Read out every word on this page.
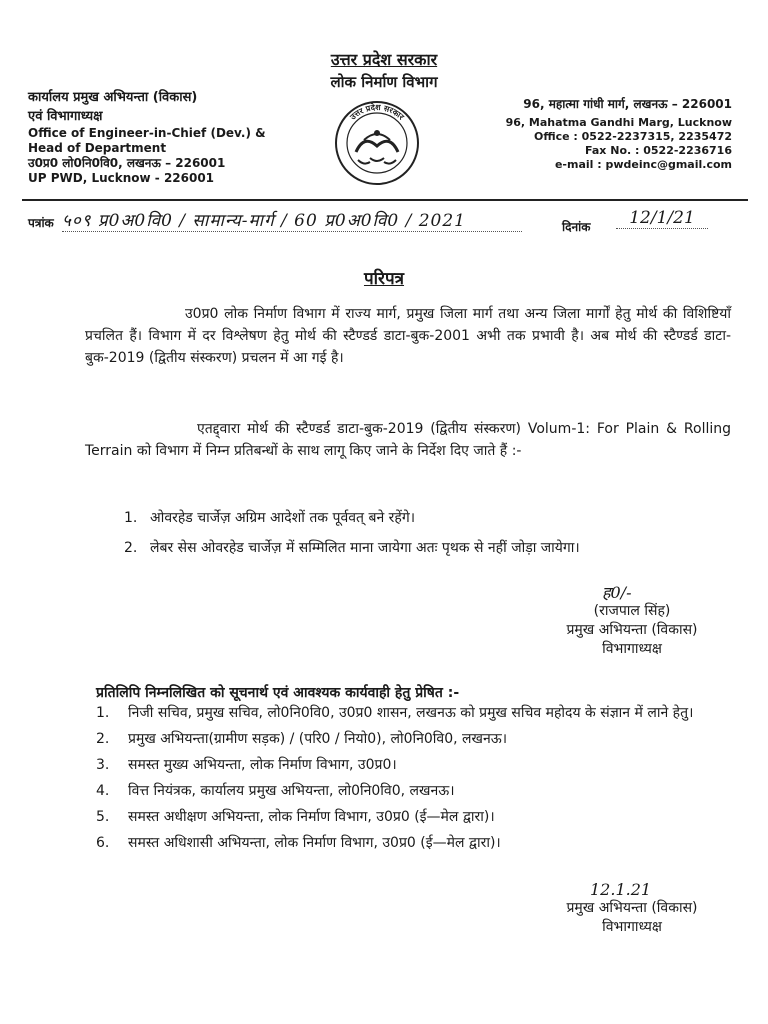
उत्तर प्रदेश सरकार
लोक निर्माण विभाग
कार्यालय प्रमुख अभियन्ता (विकास)
एवं विभागाध्यक्ष
Office of Engineer-in-Chief (Dev.) &
Head of Department
उ0प्र0 लो0नि0वि0, लखनऊ – 226001
UP PWD, Lucknow - 226001
उत्तर प्रदेश सरकार
96, महात्मा गांधी मार्ग, लखनऊ – 226001
96, Mahatma Gandhi Marg, Lucknow
Office : 0522-2237315, 2235472
Fax No. : 0522-2236716
e-mail : pwdeinc@gmail.com
पत्रांक ५०९ प्र0अ0वि0 / सामान्य-मार्ग / 60 प्र0अ0वि0 / 2021	दिनांक	12/1/21
परिपत्र
उ0प्र0 लोक निर्माण विभाग में राज्य मार्ग, प्रमुख जिला मार्ग तथा अन्य जिला मार्गों हेतु मोर्थ की विशिष्टियाँ प्रचलित हैं। विभाग में दर विश्लेषण हेतु मोर्थ की स्टैण्डर्ड डाटा-बुक-2001 अभी तक प्रभावी है। अब मोर्थ की स्टैण्डर्ड डाटा-बुक-2019 (द्वितीय संस्करण) प्रचलन में आ गई है।
एतद्द्वारा मोर्थ की स्टैण्डर्ड डाटा-बुक-2019 (द्वितीय संस्करण) Volum-1: For Plain & Rolling Terrain को विभाग में निम्न प्रतिबन्धों के साथ लागू किए जाने के निर्देश दिए जाते हैं :-
1. ओवरहेड चार्जेज़ अग्रिम आदेशों तक पूर्ववत् बने रहेंगे।
2. लेबर सेस ओवरहेड चार्जेज़ में सम्मिलित माना जायेगा अतः पृथक से नहीं जोड़ा जायेगा।
ह0/-
(राजपाल सिंह)
प्रमुख अभियन्ता (विकास)
विभागाध्यक्ष
प्रतिलिपि निम्नलिखित को सूचनार्थ एवं आवश्यक कार्यवाही हेतु प्रेषित :-
1. निजी सचिव, प्रमुख सचिव, लो0नि0वि0, उ0प्र0 शासन, लखनऊ को प्रमुख सचिव महोदय के संज्ञान में लाने हेतु।
2. प्रमुख अभियन्ता(ग्रामीण सड़क) / (परि0 / नियो0), लो0नि0वि0, लखनऊ।
3. समस्त मुख्य अभियन्ता, लोक निर्माण विभाग, उ0प्र0।
4. वित्त नियंत्रक, कार्यालय प्रमुख अभियन्ता, लो0नि0वि0, लखनऊ।
5. समस्त अधीक्षण अभियन्ता, लोक निर्माण विभाग, उ0प्र0 (ई—मेल द्वारा)।
6. समस्त अधिशासी अभियन्ता, लोक निर्माण विभाग, उ0प्र0 (ई—मेल द्वारा)।
12.1.21
प्रमुख अभियन्ता (विकास)
विभागाध्यक्ष
